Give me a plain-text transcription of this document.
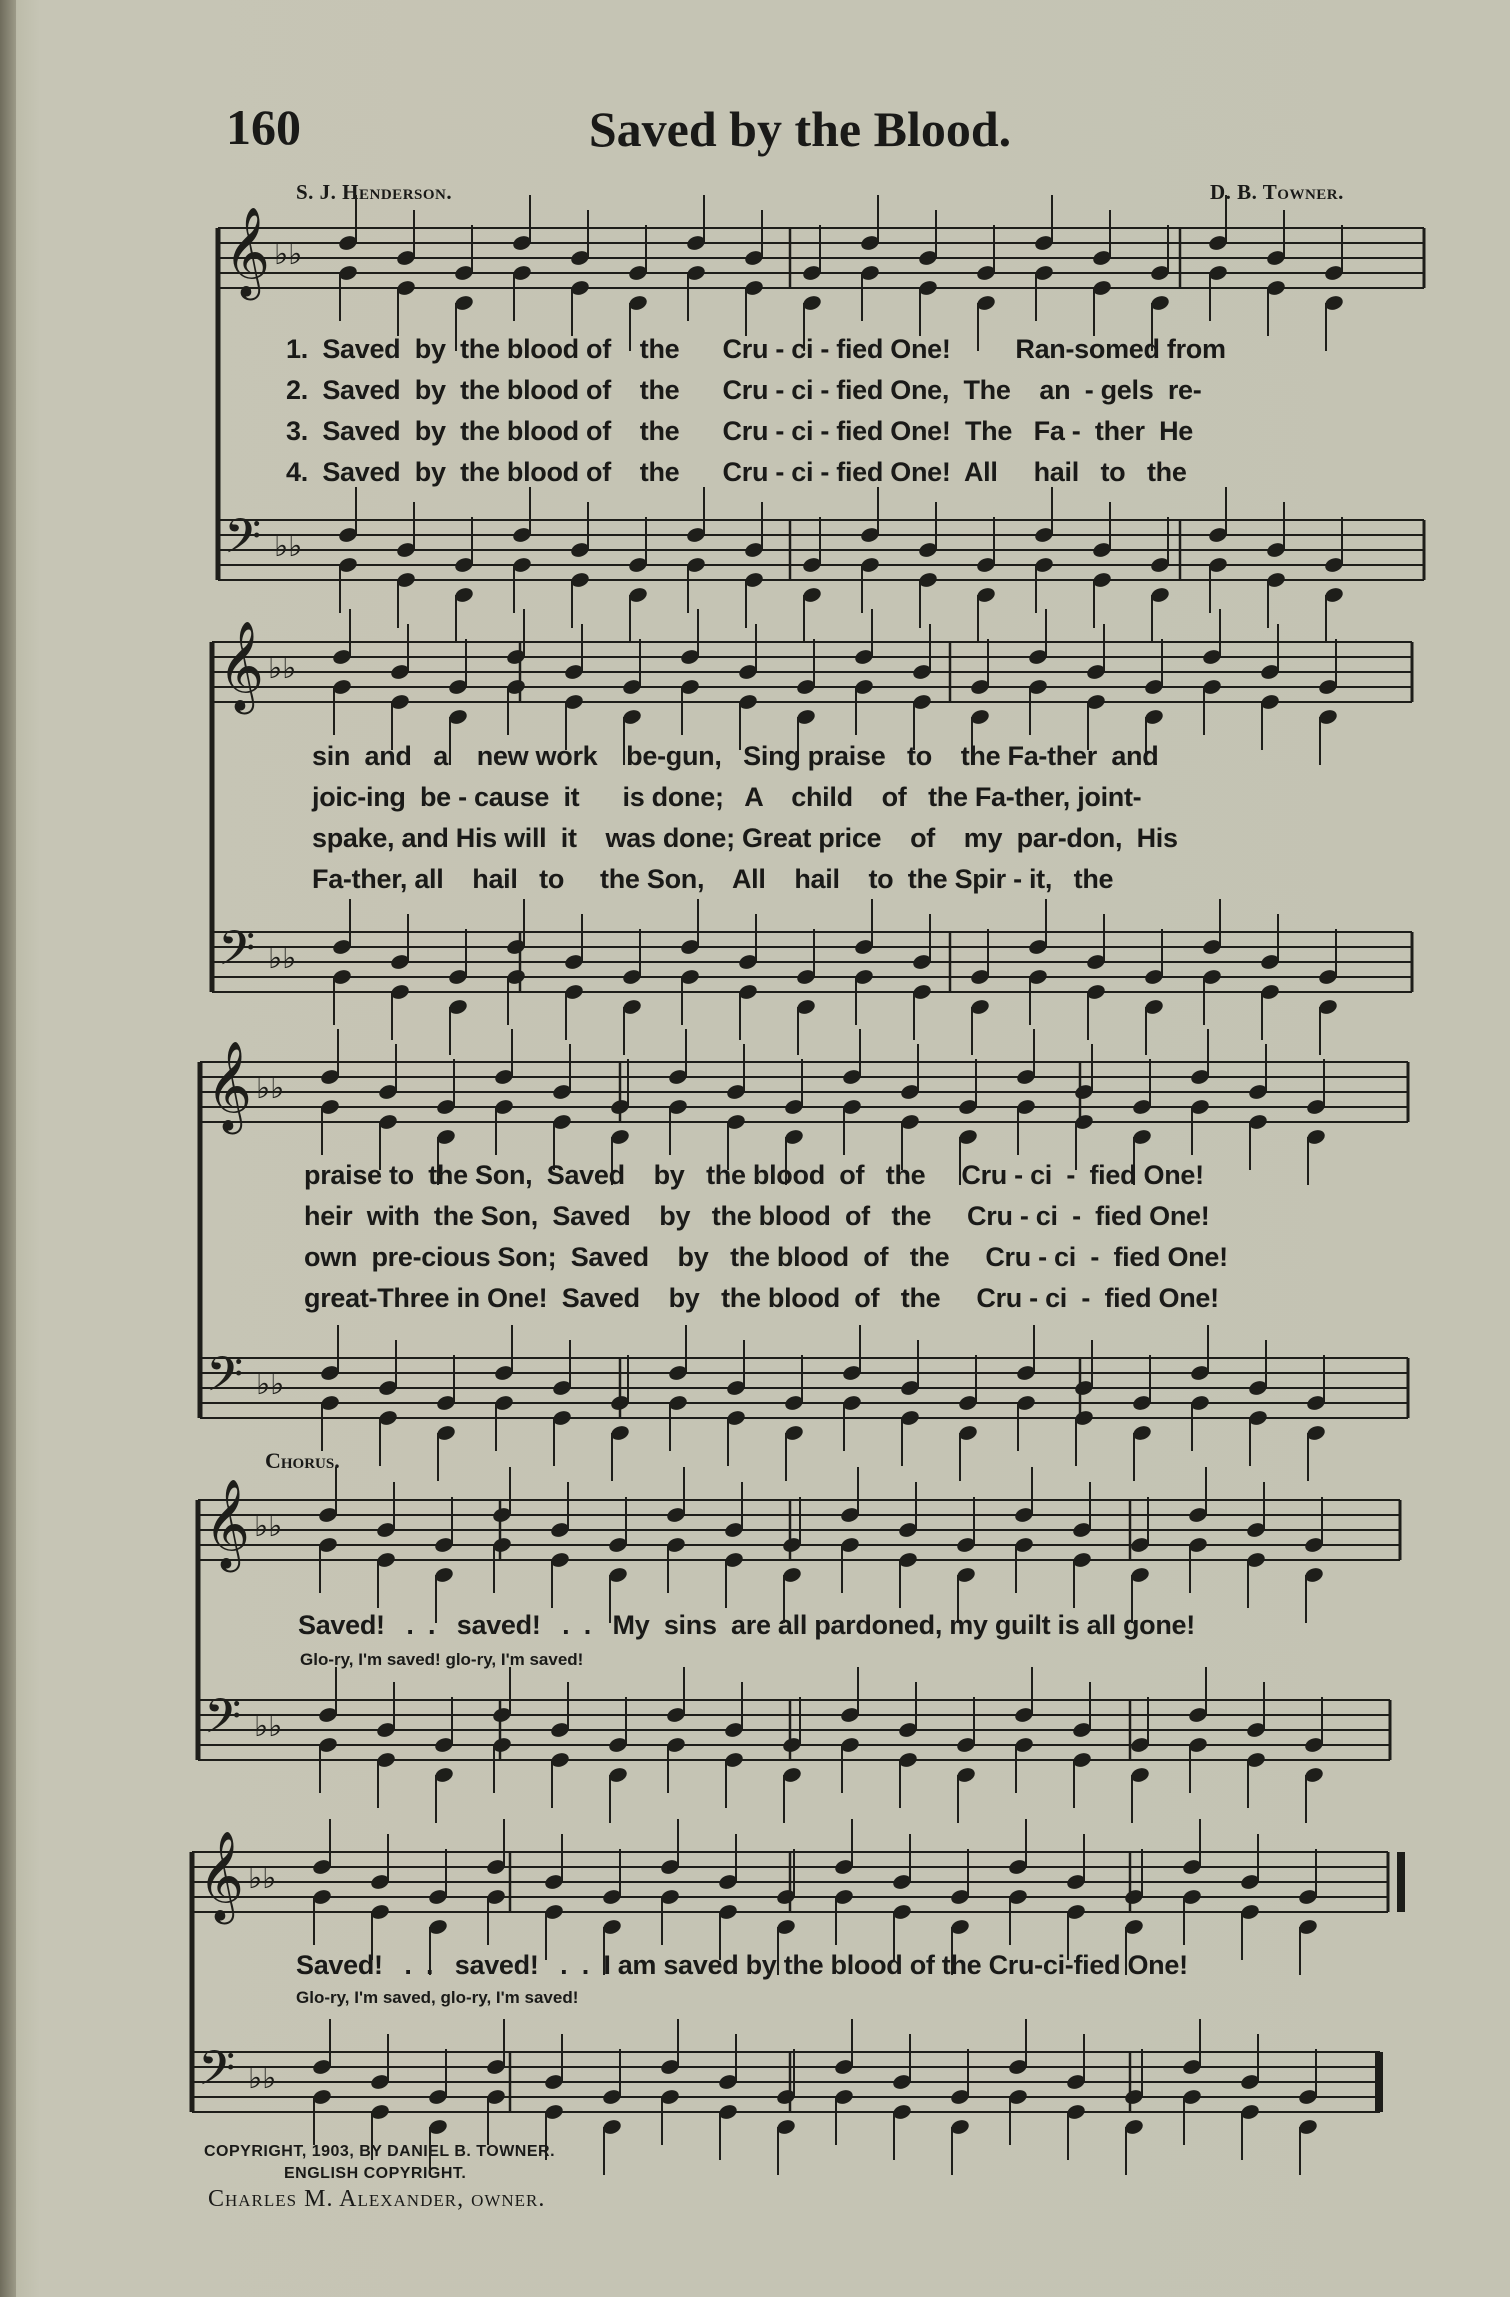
160	Saved by the Blood.
S. J. Henderson.	D. B. Towner.
𝄞 ♭♭
𝄢 ♭♭
𝄞 ♭♭
𝄢 ♭♭
𝄞 ♭♭
𝄢 ♭♭
𝄞 ♭♭
𝄢 ♭♭
𝄞 ♭♭
𝄢 ♭♭
1.  Saved  by  the blood of    the      Cru - ci - fied One!         Ran-somed from
2.  Saved  by  the blood of    the      Cru - ci - fied One,  The    an  - gels  re-
3.  Saved  by  the blood of    the      Cru - ci - fied One!  The   Fa -  ther  He
4.  Saved  by  the blood of    the      Cru - ci - fied One!  All     hail   to   the
sin  and   a    new work    be-gun,   Sing praise   to    the Fa-ther  and
joic-ing  be - cause  it      is done;   A    child    of   the Fa-ther, joint-
spake, and His will  it    was done; Great price    of    my  par-don,  His
Fa-ther, all    hail   to     the Son,    All    hail    to  the Spir - it,   the
praise to  the Son,  Saved    by   the blood  of   the     Cru - ci  -  fied One!
heir  with  the Son,  Saved    by   the blood  of   the     Cru - ci  -  fied One!
own  pre-cious Son;  Saved    by   the blood  of   the     Cru - ci  -  fied One!
great-Three in One!  Saved    by   the blood  of   the     Cru - ci  -  fied One!
Chorus.
Saved!   .  .   saved!   .  .   My  sins  are all pardoned, my guilt is all gone!
Glo-ry, I'm saved! glo-ry, I'm saved!
Saved!   .  .   saved!   .  .  I am saved by the blood of the Cru-ci-fied One!
Glo-ry, I'm saved, glo-ry, I'm saved!
COPYRIGHT, 1903, BY DANIEL B. TOWNER.
ENGLISH COPYRIGHT.
Charles M. Alexander, owner.
